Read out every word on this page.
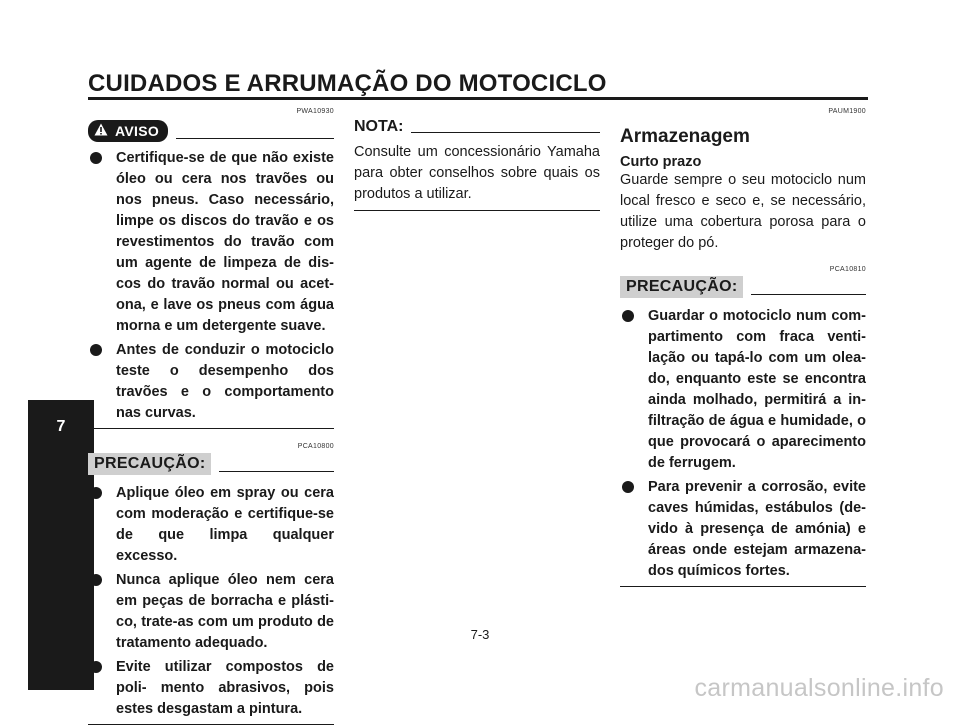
CUIDADOS E ARRUMAÇÃO DO MOTOCICLO
7
PWA10930
AVISO
Certifique-se de que não existe óleo ou cera nos travões ou nos pneus. Caso necessário, limpe os discos do travão e os revestimentos do travão com um agente de limpeza de dis- cos do travão normal ou acet- ona, e lave os pneus com água morna e um detergente suave.
Antes de conduzir o motociclo teste o desempenho dos travões e o comportamento nas curvas.
PCA10800
PRECAUÇÃO:
Aplique óleo em spray ou cera com moderação e certifique-se de que limpa qualquer excesso.
Nunca aplique óleo nem cera em peças de borracha e plásti- co, trate-as com um produto de tratamento adequado.
Evite utilizar compostos de poli- mento abrasivos, pois estes desgastam a pintura.
NOTA:

Consulte um concessionário Yamaha para obter conselhos sobre quais os produtos a utilizar.

PAUM1900

Armazenagem

Curto prazo

Guarde sempre o seu motociclo num local fresco e seco e, se necessário, utilize uma cobertura porosa para o proteger do pó.

PCA10810
PRECAUÇÃO:
Guardar o motociclo num com- partimento com fraca venti- lação ou tapá-lo com um olea- do, enquanto este se encontra ainda molhado, permitirá a in- filtração de água e humidade, o que provocará o aparecimento de ferrugem.
Para prevenir a corrosão, evite caves húmidas, estábulos (de- vido à presença de amónia) e áreas onde estejam armazena- dos químicos fortes.
7-3
carmanualsonline.info
